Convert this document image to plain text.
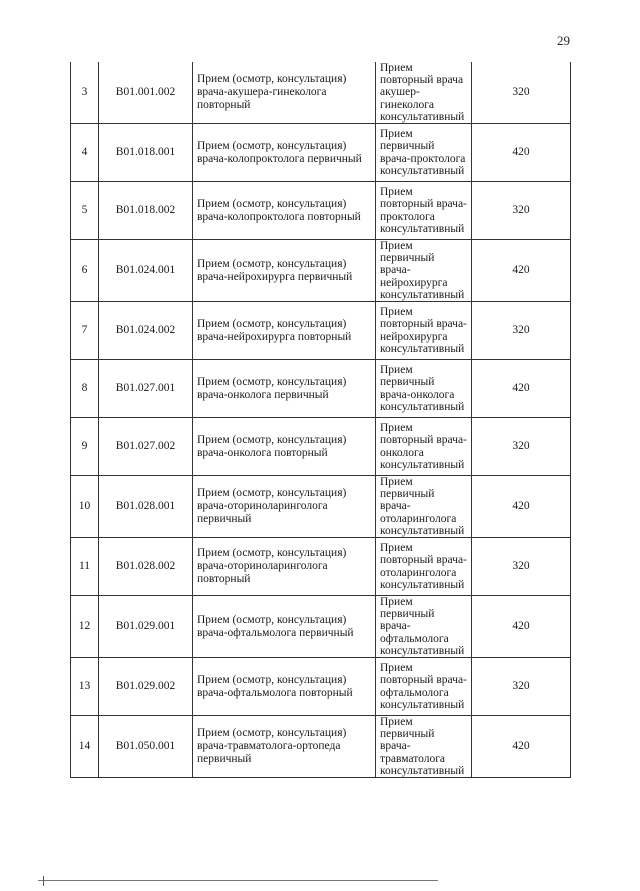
29
3	B01.001.002	Прием (осмотр, консультация) врача-акушера-гинеколога повторный	Прием повторный врача акушер-гинеколога консультативный	320
4	B01.018.001	Прием (осмотр, консультация) врача-колопроктолога первичный	Прием первичный врача-проктолога консультативный	420
5	B01.018.002	Прием (осмотр, консультация) врача-колопроктолога повторный	Прием повторный врача-проктолога консультативный	320
6	B01.024.001	Прием (осмотр, консультация) врача-нейрохирурга первичный	Прием первичный врача-нейрохирурга консультативный	420
7	B01.024.002	Прием (осмотр, консультация) врача-нейрохирурга повторный	Прием повторный врача-нейрохирурга консультативный	320
8	B01.027.001	Прием (осмотр, консультация) врача-онколога первичный	Прием первичный врача-онколога консультативный	420
9	B01.027.002	Прием (осмотр, консультация) врача-онколога повторный	Прием повторный врача-онколога консультативный	320
10	B01.028.001	Прием (осмотр, консультация) врача-оториноларинголога первичный	Прием первичный врача-отоларинголога консультативный	420
11	B01.028.002	Прием (осмотр, консультация) врача-оториноларинголога повторный	Прием повторный врача-отоларинголога консультативный	320
12	B01.029.001	Прием (осмотр, консультация) врача-офтальмолога первичный	Прием первичный врача-офтальмолога консультативный	420
13	B01.029.002	Прием (осмотр, консультация) врача-офтальмолога повторный	Прием повторный врача-офтальмолога консультативный	320
14	B01.050.001	Прием (осмотр, консультация) врача-травматолога-ортопеда первичный	Прием первичный врача-травматолога консультативный	420
